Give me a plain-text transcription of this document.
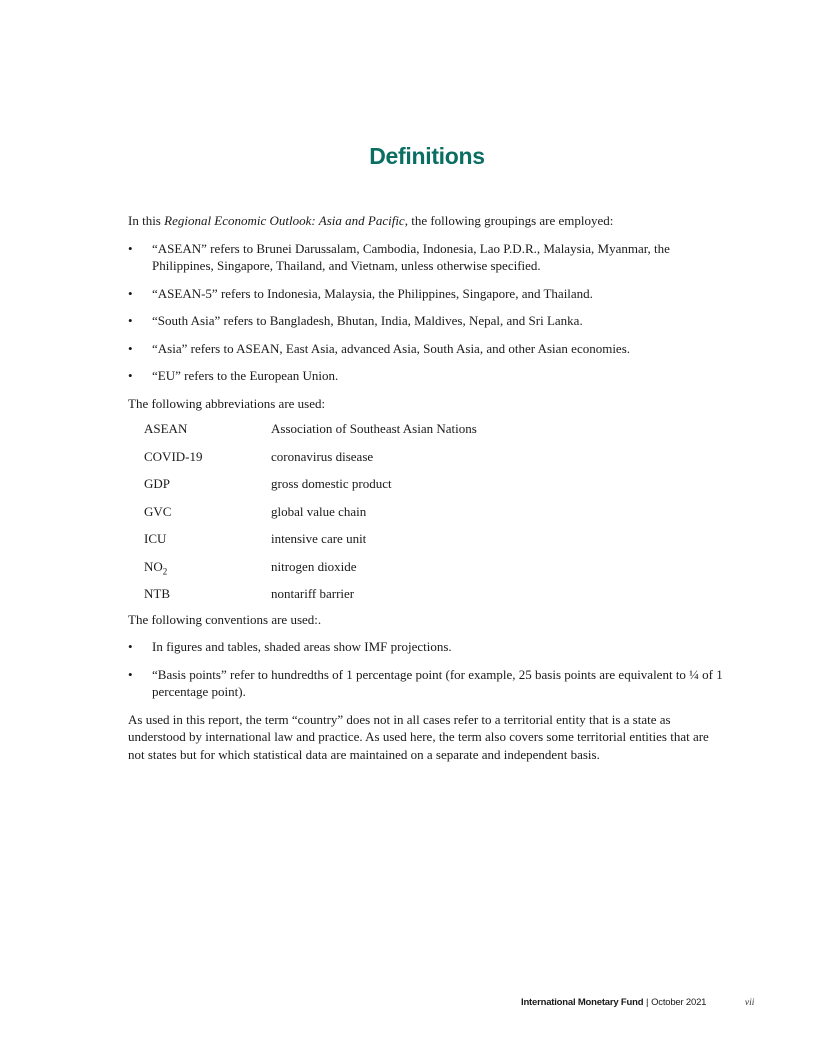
Definitions

In this Regional Economic Outlook: Asia and Pacific, the following groupings are employed:

• “ASEAN” refers to Brunei Darussalam, Cambodia, Indonesia, Lao P.D.R., Malaysia, Myanmar, the Philippines, Singapore, Thailand, and Vietnam, unless otherwise specified.
• “ASEAN-5” refers to Indonesia, Malaysia, the Philippines, Singapore, and Thailand.
• “South Asia” refers to Bangladesh, Bhutan, India, Maldives, Nepal, and Sri Lanka.
• “Asia” refers to ASEAN, East Asia, advanced Asia, South Asia, and other Asian economies.
• “EU” refers to the European Union.

The following abbreviations are used:

ASEAN	Association of Southeast Asian Nations
COVID-19	coronavirus disease
GDP	gross domestic product
GVC	global value chain
ICU	intensive care unit
$NO_2$	nitrogen dioxide
NTB	nontariff barrier

The following conventions are used:.

• In figures and tables, shaded areas show IMF projections.
• “Basis points” refer to hundredths of 1 percentage point (for example, 25 basis points are equivalent to ¼ of 1 percentage point).

As used in this report, the term “country” does not in all cases refer to a territorial entity that is a state as understood by international law and practice. As used here, the term also covers some territorial entities that are not states but for which statistical data are maintained on a separate and independent basis.

International Monetary Fund | October 2021	vii
